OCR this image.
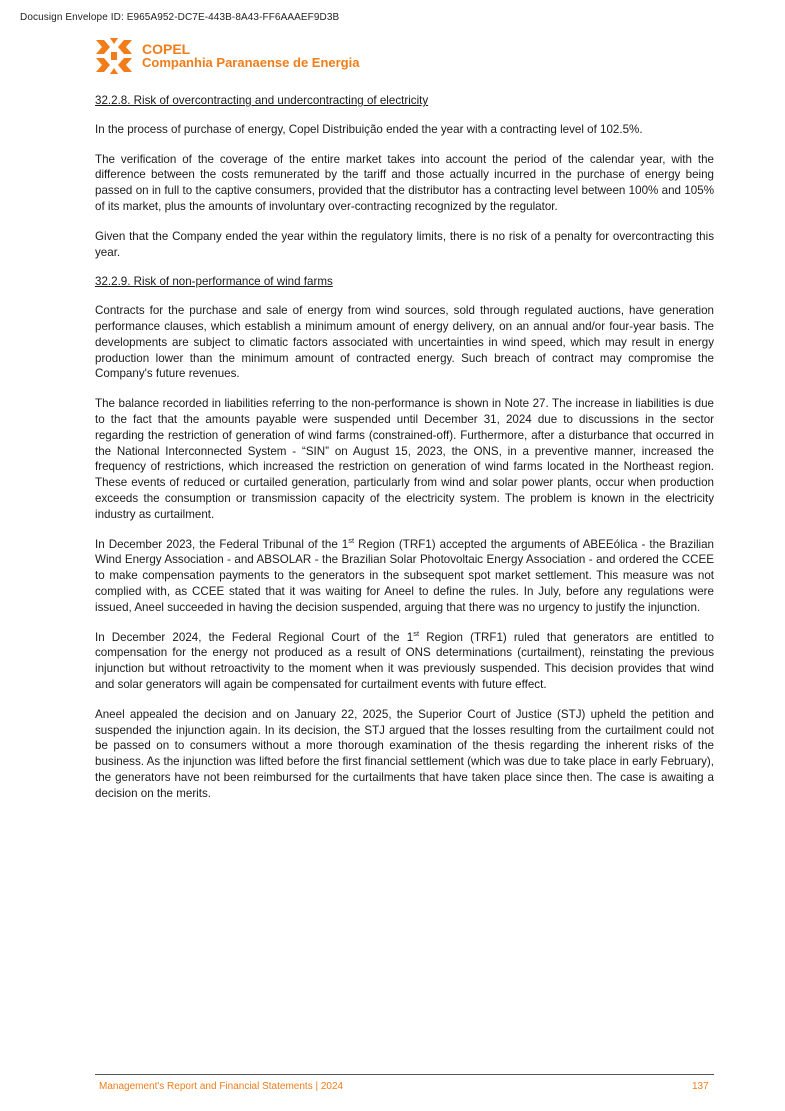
Docusign Envelope ID: E965A952-DC7E-443B-8A43-FF6AAAEF9D3B
COPEL
Companhia Paranaense de Energia
32.2.8. Risk of overcontracting and undercontracting of electricity

In the process of purchase of energy, Copel Distribuição ended the year with a contracting level of 102.5%.

The verification of the coverage of the entire market takes into account the period of the calendar year, with the difference between the costs remunerated by the tariff and those actually incurred in the purchase of energy being passed on in full to the captive consumers, provided that the distributor has a contracting level between 100% and 105% of its market, plus the amounts of involuntary over-contracting recognized by the regulator.

Given that the Company ended the year within the regulatory limits, there is no risk of a penalty for overcontracting this year.

32.2.9. Risk of non-performance of wind farms

Contracts for the purchase and sale of energy from wind sources, sold through regulated auctions, have generation performance clauses, which establish a minimum amount of energy delivery, on an annual and/or four-year basis. The developments are subject to climatic factors associated with uncertainties in wind speed, which may result in energy production lower than the minimum amount of contracted energy. Such breach of contract may compromise the Company's future revenues.

The balance recorded in liabilities referring to the non-performance is shown in Note 27. The increase in liabilities is due to the fact that the amounts payable were suspended until December 31, 2024 due to discussions in the sector regarding the restriction of generation of wind farms (constrained-off). Furthermore, after a disturbance that occurred in the National Interconnected System - “SIN” on August 15, 2023, the ONS, in a preventive manner, increased the frequency of restrictions, which increased the restriction on generation of wind farms located in the Northeast region. These events of reduced or curtailed generation, particularly from wind and solar power plants, occur when production exceeds the consumption or transmission capacity of the electricity system. The problem is known in the electricity industry as curtailment.

In December 2023, the Federal Tribunal of the 1st Region (TRF1) accepted the arguments of ABEEólica - the Brazilian Wind Energy Association - and ABSOLAR - the Brazilian Solar Photovoltaic Energy Association - and ordered the CCEE to make compensation payments to the generators in the subsequent spot market settlement. This measure was not complied with, as CCEE stated that it was waiting for Aneel to define the rules. In July, before any regulations were issued, Aneel succeeded in having the decision suspended, arguing that there was no urgency to justify the injunction.

In December 2024, the Federal Regional Court of the 1st Region (TRF1) ruled that generators are entitled to compensation for the energy not produced as a result of ONS determinations (curtailment), reinstating the previous injunction but without retroactivity to the moment when it was previously suspended. This decision provides that wind and solar generators will again be compensated for curtailment events with future effect.

Aneel appealed the decision and on January 22, 2025, the Superior Court of Justice (STJ) upheld the petition and suspended the injunction again. In its decision, the STJ argued that the losses resulting from the curtailment could not be passed on to consumers without a more thorough examination of the thesis regarding the inherent risks of the business. As the injunction was lifted before the first financial settlement (which was due to take place in early February), the generators have not been reimbursed for the curtailments that have taken place since then. The case is awaiting a decision on the merits.

Management's Report and Financial Statements | 2024	137
